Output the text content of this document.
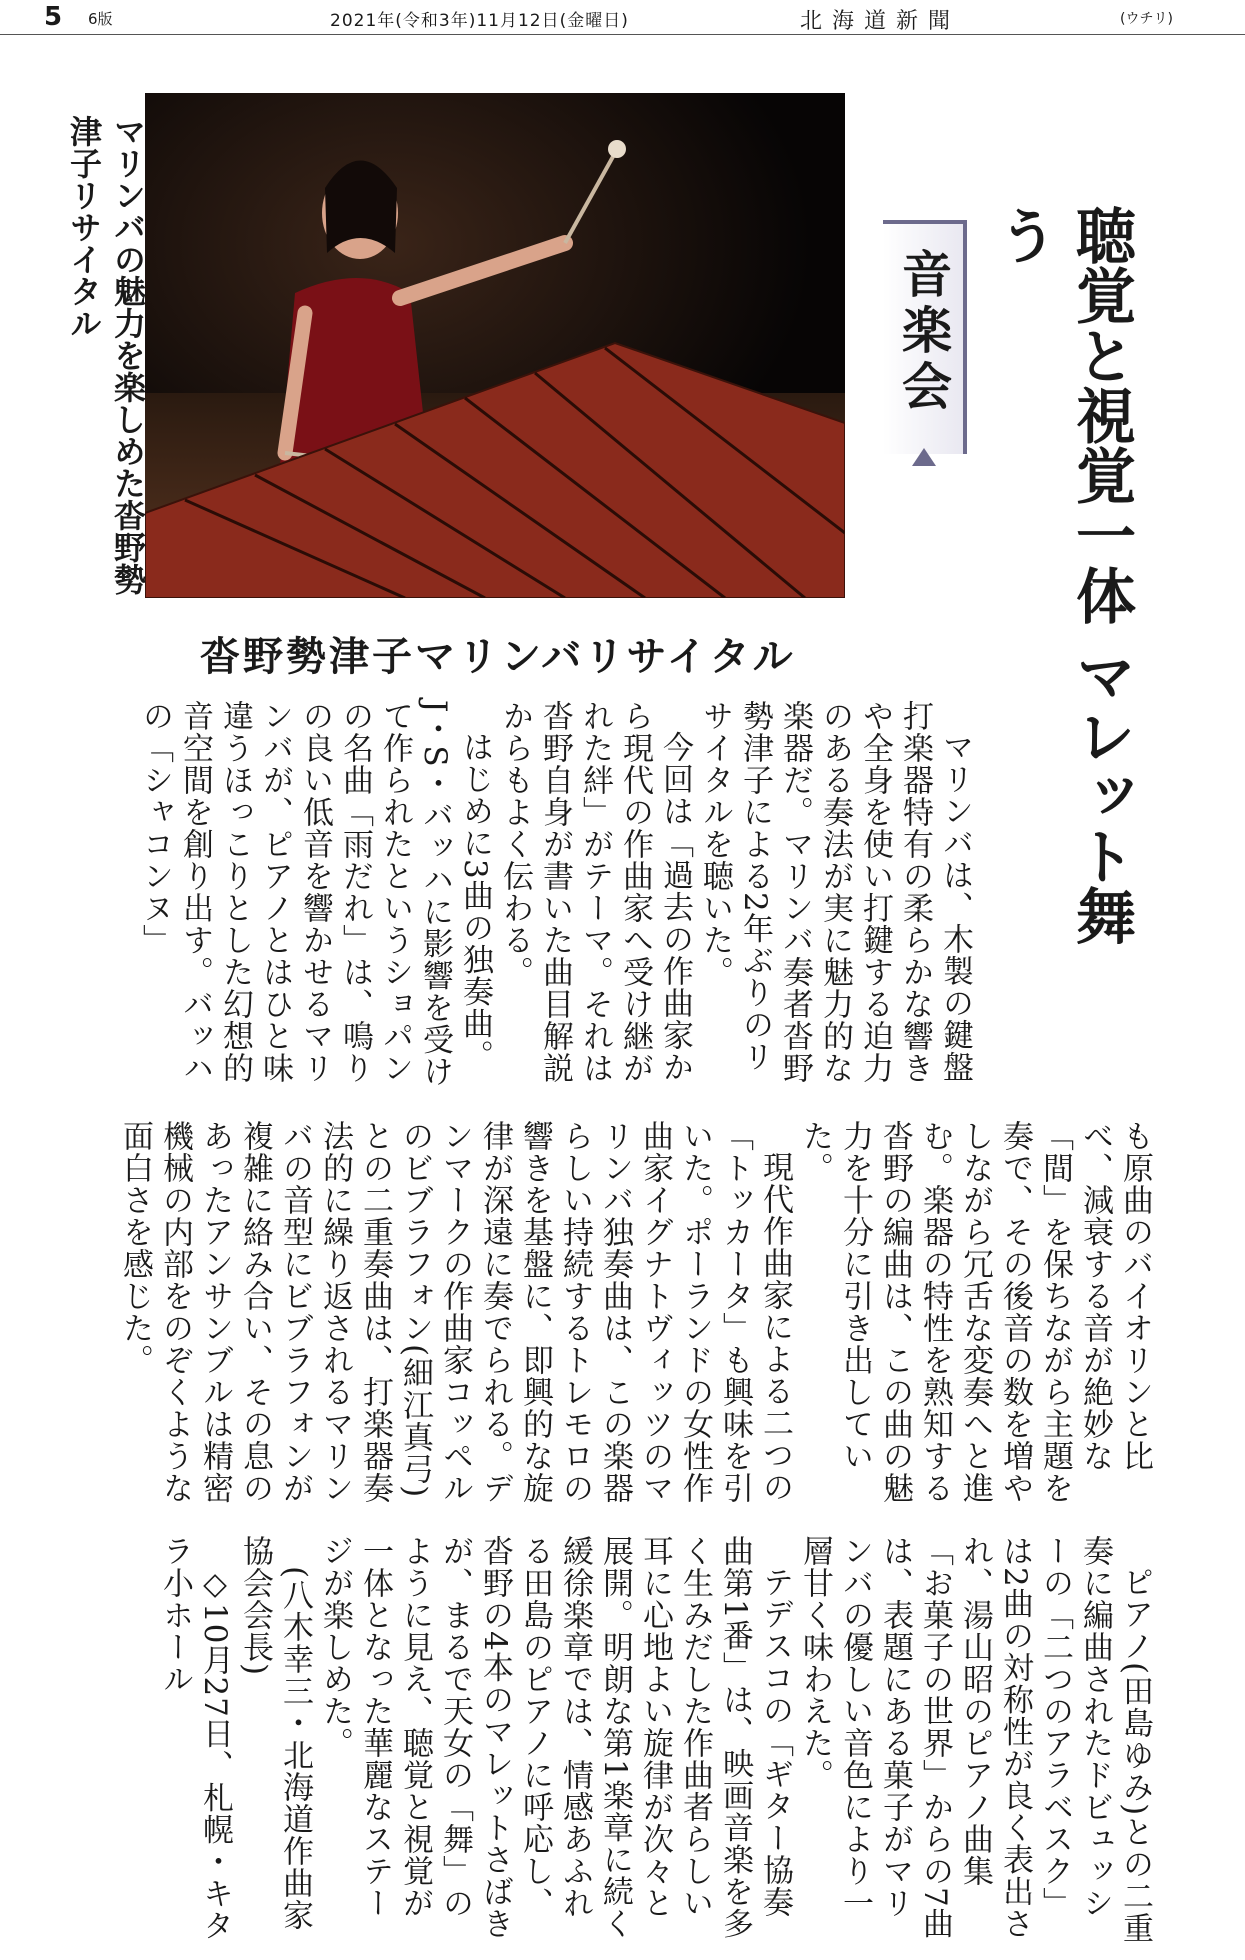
5 6版	2021年(令和3年)11月12日(金曜日)	北海道新聞	(ウチリ)
マリンバの魅力を楽しめた沓野勢津子リサイタル	聴覚と視覚一体 マレット舞う
音楽会
沓野勢津子マリンバリサイタル

マリンバは、木製の鍵盤打楽器特有の柔らかな響きや全身を使い打鍵する迫力のある奏法が実に魅力的な楽器だ。マリンバ奏者沓野勢津子による2年ぶりのリサイタルを聴いた。

今回は「過去の作曲家から現代の作曲家へ受け継がれた絆」がテーマ。それは沓野自身が書いた曲目解説からもよく伝わる。

はじめに3曲の独奏曲。J・S・バッハに影響を受けて作られたというショパンの名曲「雨だれ」は、鳴りの良い低音を響かせるマリンバが、ピアノとはひと味違うほっこりとした幻想的音空間を創り出す。バッハの「シャコンヌ」

も原曲のバイオリンと比べ、減衰する音が絶妙な「間」を保ちながら主題を奏で、その後音の数を増やしながら冗舌な変奏へと進む。楽器の特性を熟知する沓野の編曲は、この曲の魅力を十分に引き出していた。

現代作曲家による二つの「トッカータ」も興味を引いた。ポーランドの女性作曲家イグナトヴィッツのマリンバ独奏曲は、この楽器らしい持続するトレモロの響きを基盤に、即興的な旋律が深遠に奏でられる。デンマークの作曲家コッペルのビブラフォン(細江真弓)との二重奏曲は、打楽器奏法的に繰り返されるマリンバの音型にビブラフォンが複雑に絡み合い、その息のあったアンサンブルは精密機械の内部をのぞくような面白さを感じた。

ピアノ(田島ゆみ)との二重奏に編曲されたドビュッシーの「二つのアラベスク」は2曲の対称性が良く表出され、湯山昭のピアノ曲集「お菓子の世界」からの7曲は、表題にある菓子がマリンバの優しい音色により一層甘く味わえた。

テデスコの「ギター協奏曲第1番」は、映画音楽を多く生みだした作曲者らしい耳に心地よい旋律が次々と展開。明朗な第1楽章に続く緩徐楽章では、情感あふれる田島のピアノに呼応し、沓野の4本のマレットさばきが、まるで天女の「舞」のように見え、聴覚と視覚が一体となった華麗なステージが楽しめた。

(八木幸三・北海道作曲家協会会長)

◇10月27日、札幌・キタラ小ホール
